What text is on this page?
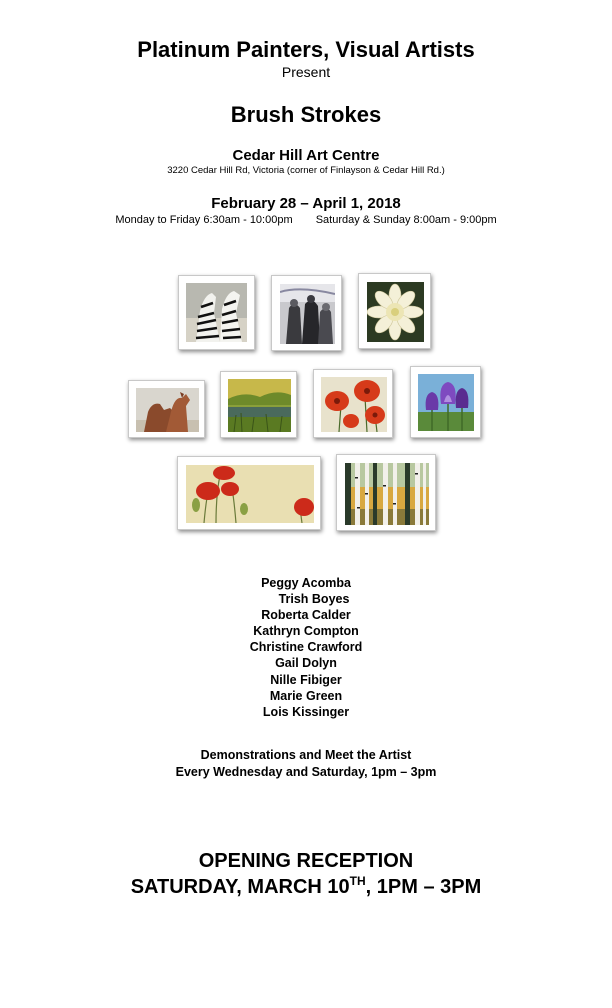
Platinum Painters, Visual Artists
Present
Brush Strokes
Cedar Hill Art Centre
3220 Cedar Hill Rd, Victoria (corner of Finlayson & Cedar Hill Rd.)
February 28 – April 1, 2018
Monday to Friday 6:30am - 10:00pm Saturday & Sunday 8:00am - 9:00pm
Peggy Acomba
Trish Boyes
Roberta Calder
Kathryn Compton
Christine Crawford
Gail Dolyn
Nille Fibiger
Marie Green
Lois Kissinger
Demonstrations and Meet the Artist
Every Wednesday and Saturday, 1pm – 3pm
OPENING RECEPTION
SATURDAY, MARCH 10TH, 1PM – 3PM
